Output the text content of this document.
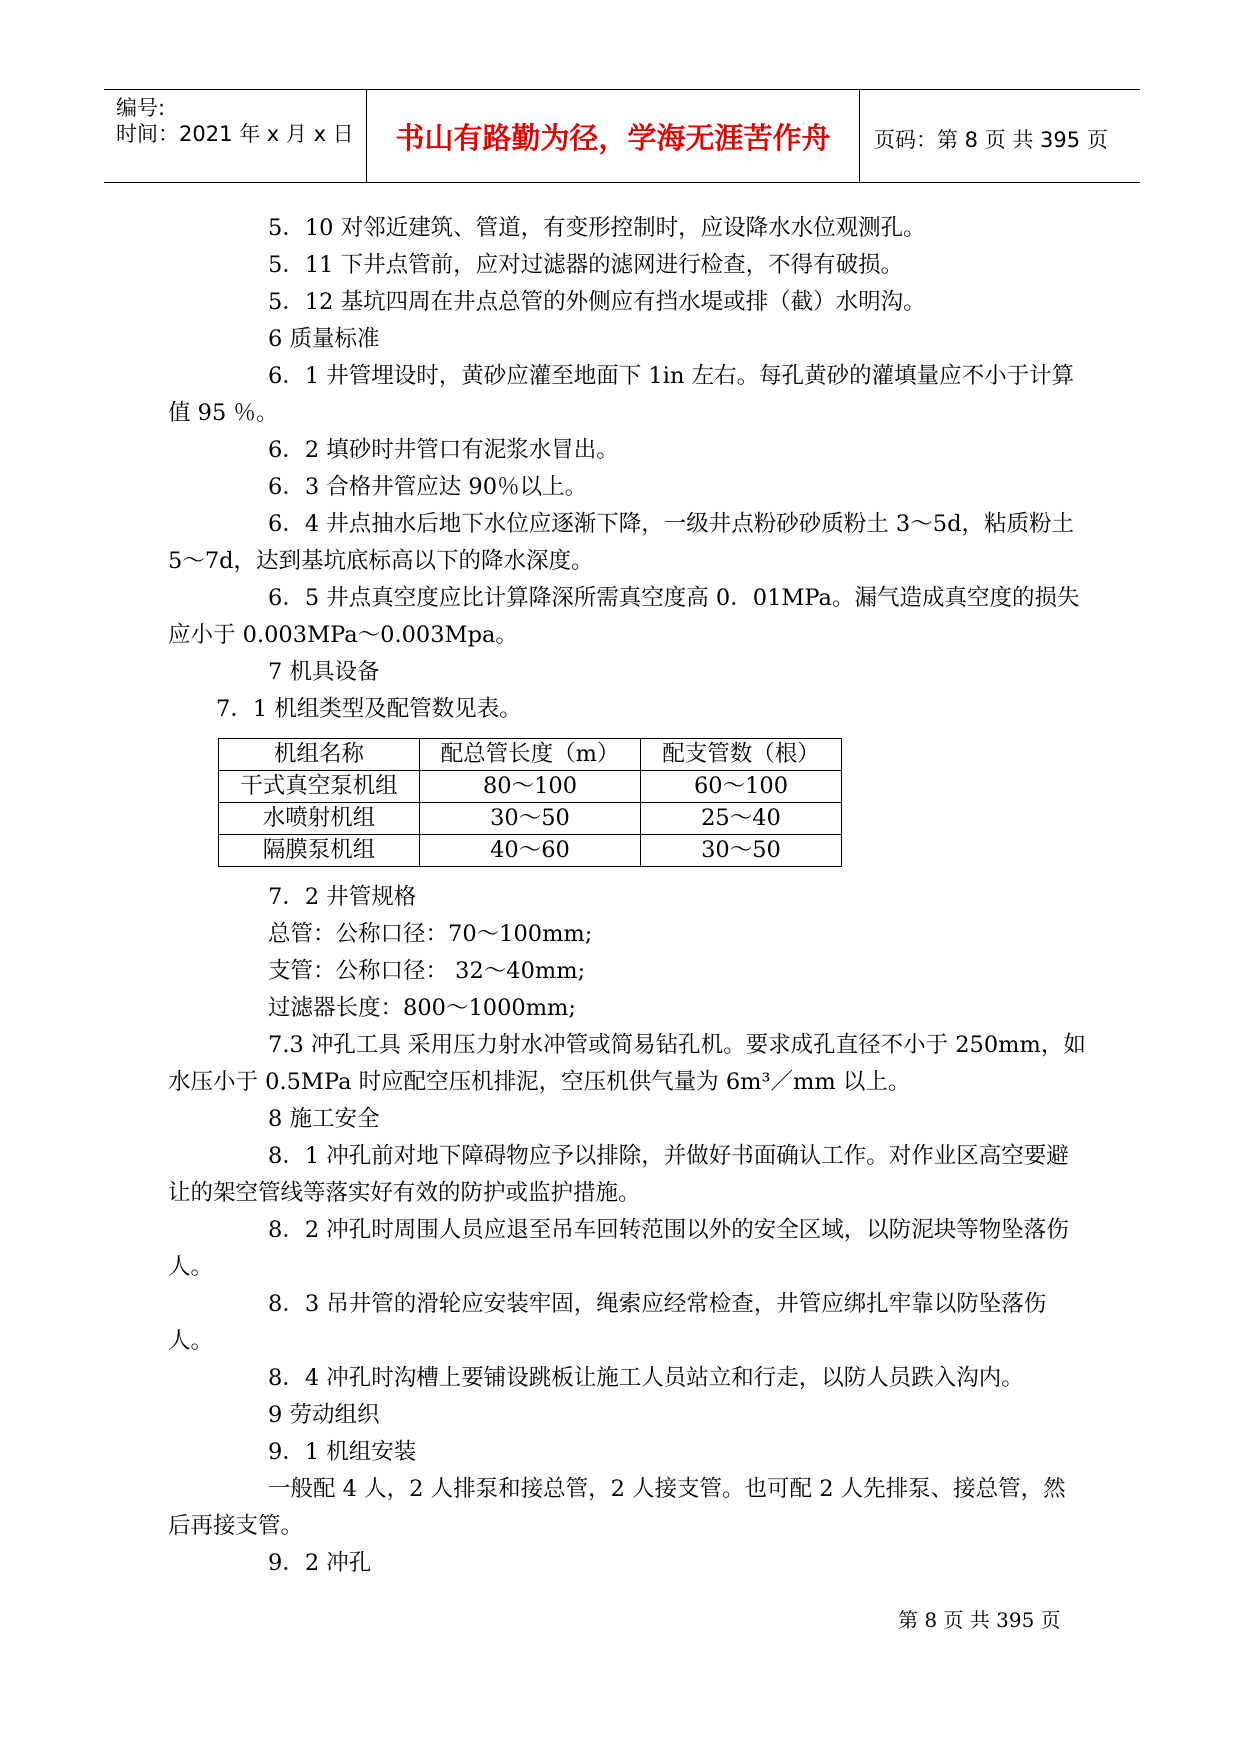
编号:
时间：2021 年 x 月 x 日	书山有路勤为径，学海无涯苦作舟	页码：第 8 页 共 395 页

5．10 对邻近建筑、管道，有变形控制时，应设降水水位观测孔。

5．11 下井点管前，应对过滤器的滤网进行检查，不得有破损。

5．12 基坑四周在井点总管的外侧应有挡水堤或排（截）水明沟。

6 质量标准

6．1 井管埋设时，黄砂应灌至地面下 1in 左右。每孔黄砂的灌填量应不小于计算值 95 ％。

6．2 填砂时井管口有泥浆水冒出。

6．3 合格井管应达 90％以上。

6．4 井点抽水后地下水位应逐渐下降，一级井点粉砂砂质粉土 3～5d，粘质粉土 5～7d，达到基坑底标高以下的降水深度。

6．5 井点真空度应比计算降深所需真空度高 0．01MPa。漏气造成真空度的损失应小于 0.003MPa～0.003Mpa。

7 机具设备

7．1 机组类型及配管数见表。

机组名称	配总管长度（m）	配支管数（根）
干式真空泵机组	80～100	60～100
水喷射机组	30～50	25～40
隔膜泵机组	40～60	30～50

7．2 井管规格

总管：公称口径：70～100mm;

支管：公称口径： 32～40mm;

过滤器长度：800～1000mm;

7.3 冲孔工具 采用压力射水冲管或简易钻孔机。要求成孔直径不小于 250mm，如水压小于 0.5MPa 时应配空压机排泥，空压机供气量为 6m³／mm 以上。

8 施工安全

8．1 冲孔前对地下障碍物应予以排除，并做好书面确认工作。对作业区高空要避让的架空管线等落实好有效的防护或监护措施。

8．2 冲孔时周围人员应退至吊车回转范围以外的安全区域，以防泥块等物坠落伤人。

8．3 吊井管的滑轮应安装牢固，绳索应经常检查，井管应绑扎牢靠以防坠落伤人。

8．4 冲孔时沟槽上要铺设跳板让施工人员站立和行走，以防人员跌入沟内。

9 劳动组织

9．1 机组安装

一般配 4 人，2 人排泵和接总管，2 人接支管。也可配 2 人先排泵、接总管，然后再接支管。

9．2 冲孔

第 8 页 共 395 页
